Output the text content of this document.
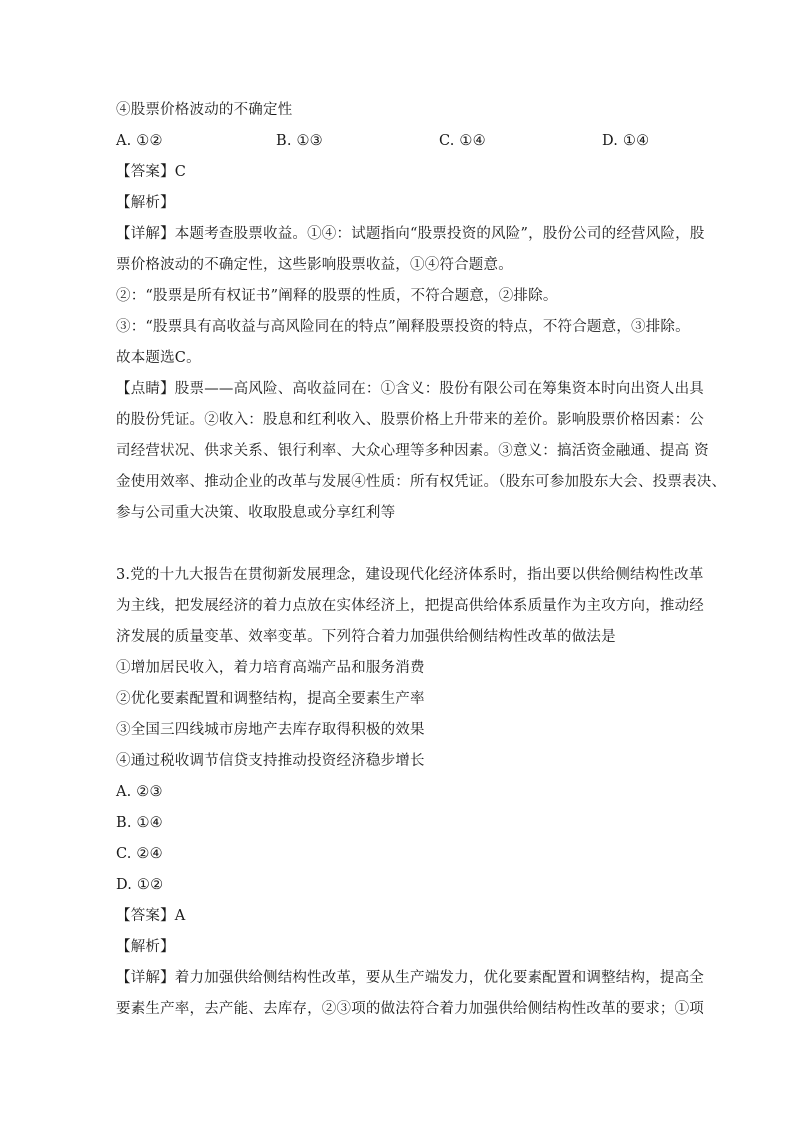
④股票价格波动的不确定性
A. ①②	B. ①③	C. ①④	D. ①④
【答案】C
【解析】
【详解】本题考查股票收益。①④：试题指向“股票投资的风险”，股份公司的经营风险，股
票价格波动的不确定性，这些影响股票收益，①④符合题意。
②：“股票是所有权证书”阐释的股票的性质，不符合题意，②排除。
③：“股票具有高收益与高风险同在的特点”阐释股票投资的特点，不符合题意，③排除。
故本题选C。
【点睛】股票——高风险、高收益同在：①含义：股份有限公司在筹集资本时向出资人出具
的股份凭证。②收入：股息和红利收入、股票价格上升带来的差价。影响股票价格因素：公
司经营状况、供求关系、银行利率、大众心理等多种因素。③意义：搞活资金融通、提高 资
金使用效率、推动企业的改革与发展④性质：所有权凭证。（股东可参加股东大会、投票表决、
参与公司重大决策、收取股息或分享红利等
3.党的十九大报告在贯彻新发展理念，建设现代化经济体系时，指出要以供给侧结构性改革
为主线，把发展经济的着力点放在实体经济上，把提高供给体系质量作为主攻方向，推动经
济发展的质量变革、效率变革。下列符合着力加强供给侧结构性改革的做法是
①增加居民收入，着力培育高端产品和服务消费
②优化要素配置和调整结构，提高全要素生产率
③全国三四线城市房地产去库存取得积极的效果
④通过税收调节信贷支持推动投资经济稳步增长
A. ②③
B. ①④
C. ②④
D. ①②
【答案】A
【解析】
【详解】着力加强供给侧结构性改革，要从生产端发力，优化要素配置和调整结构，提高全
要素生产率，去产能、去库存，②③项的做法符合着力加强供给侧结构性改革的要求；①项
